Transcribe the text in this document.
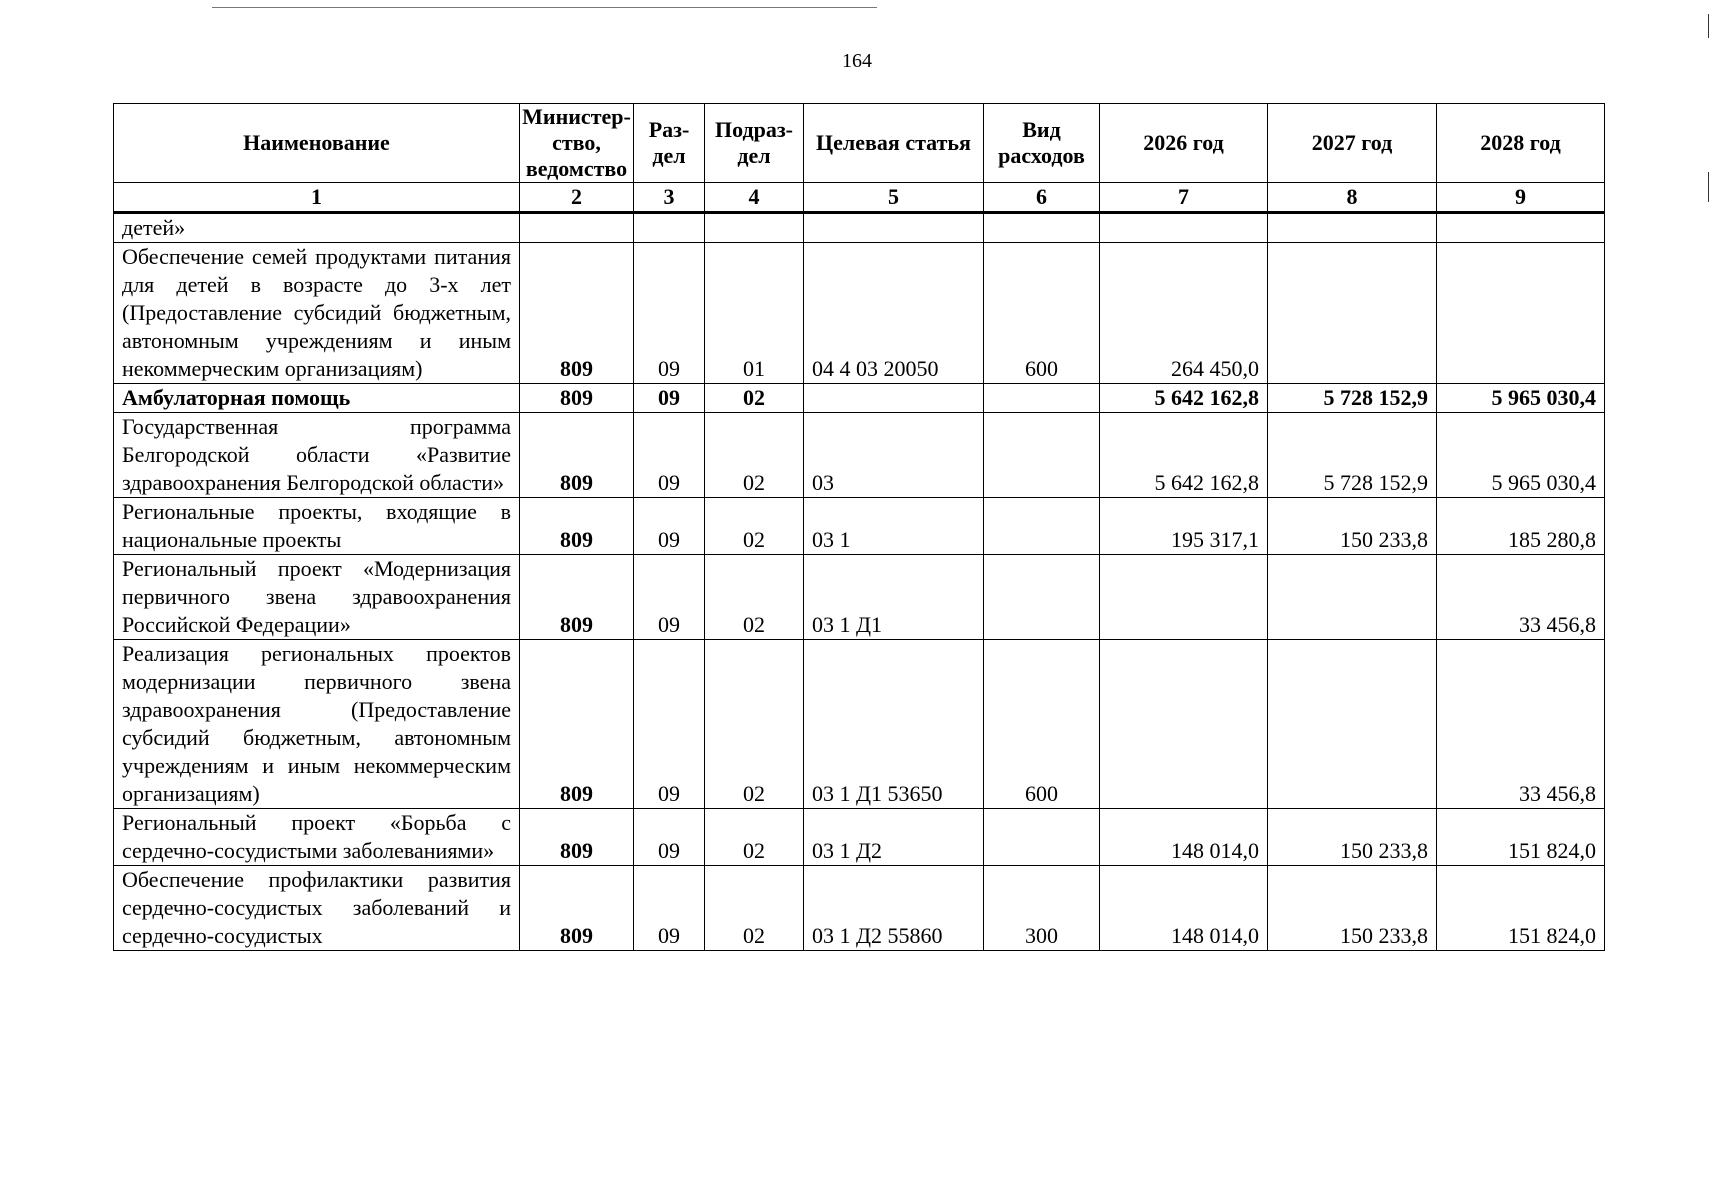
164
Наименование	Министер-ство, ведомство	Раз-дел	Подраз-дел	Целевая статья	Вид расходов	2026 год	2027 год	2028 год
1	2	3	4	5	6	7	8	9
детей»								
Обеспечение семей продуктами питания для детей в возрасте до 3-х лет (Предоставление субсидий бюджетным, автономным учреждениям и иным некоммерческим организациям)	809	09	01	04 4 03 20050	600	264 450,0		
Амбулаторная помощь	809	09	02			5 642 162,8	5 728 152,9	5 965 030,4
Государственная программа Белгородской области «Развитие здравоохранения Белгородской области»	809	09	02	03		5 642 162,8	5 728 152,9	5 965 030,4
Региональные проекты, входящие в национальные проекты	809	09	02	03 1		195 317,1	150 233,8	185 280,8
Региональный проект «Модернизация первичного звена здравоохранения Российской Федерации»	809	09	02	03 1 Д1				33 456,8
Реализация региональных проектов модернизации первичного звена здравоохранения (Предоставление субсидий бюджетным, автономным учреждениям и иным некоммерческим организациям)	809	09	02	03 1 Д1 53650	600			33 456,8
Региональный проект «Борьба с сердечно-сосудистыми заболеваниями»	809	09	02	03 1 Д2		148 014,0	150 233,8	151 824,0
Обеспечение профилактики развития сердечно-сосудистых заболеваний и сердечно-сосудистых	809	09	02	03 1 Д2 55860	300	148 014,0	150 233,8	151 824,0
